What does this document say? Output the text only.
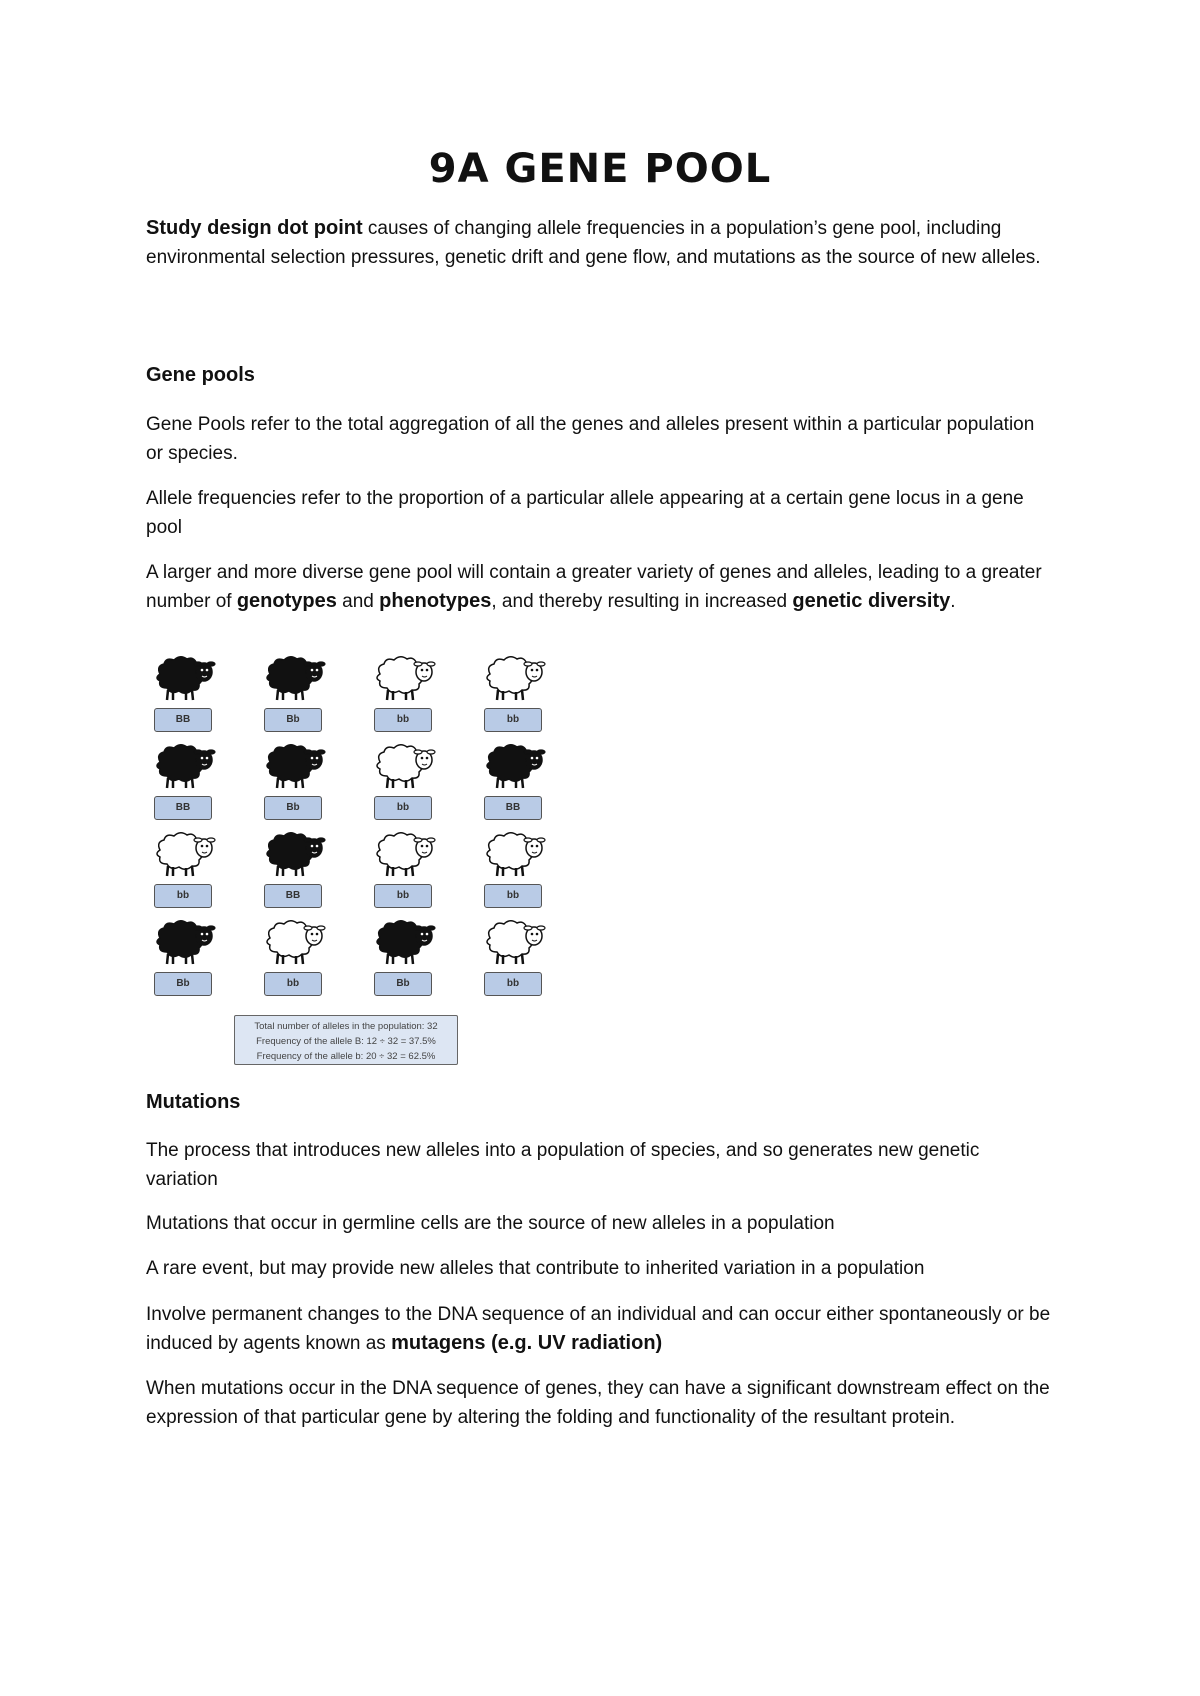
9A GENE POOL
Study design dot point causes of changing allele frequencies in a population’s gene pool, including environmental selection pressures, genetic drift and gene flow, and mutations as the source of new alleles.
Gene pools
Gene Pools refer to the total aggregation of all the genes and alleles present within a particular population or species.
Allele frequencies refer to the proportion of a particular allele appearing at a certain gene locus in a gene pool
A larger and more diverse gene pool will contain a greater variety of genes and alleles, leading to a greater number of genotypes and phenotypes, and thereby resulting in increased genetic diversity.
BB	Bb	bb	bb
BB	Bb	bb	BB
bb	BB	bb	bb
Bb	bb	Bb	bb
Total number of alleles in the population: 32
Frequency of the allele B: 12 ÷ 32 = 37.5%
Frequency of the allele b: 20 ÷ 32 = 62.5%
Mutations
The process that introduces new alleles into a population of species, and so generates new genetic variation
Mutations that occur in germline cells are the source of new alleles in a population
A rare event, but may provide new alleles that contribute to inherited variation in a population
Involve permanent changes to the DNA sequence of an individual and can occur either spontaneously or be induced by agents known as mutagens (e.g. UV radiation)
When mutations occur in the DNA sequence of genes, they can have a significant downstream effect on the expression of that particular gene by altering the folding and functionality of the resultant protein.
